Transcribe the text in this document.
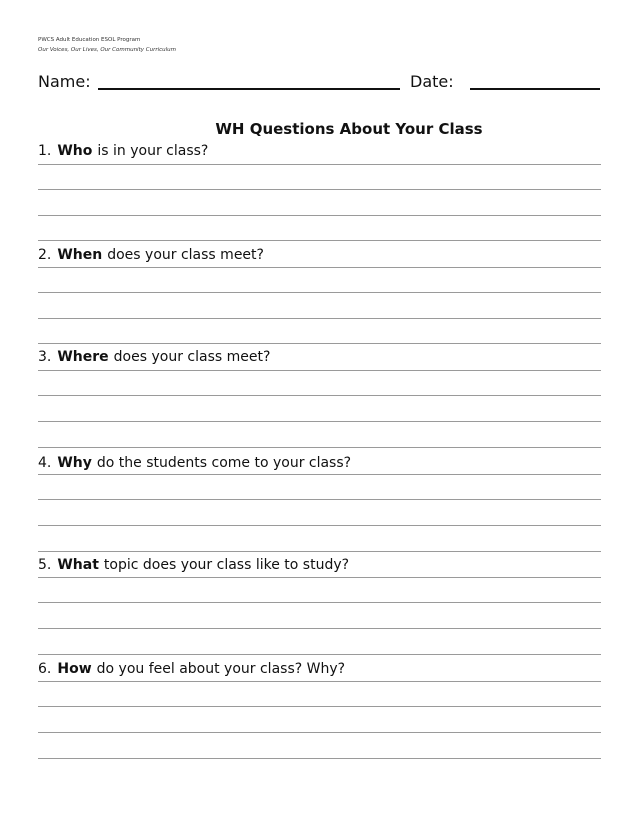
PWCS Adult Education ESOL Program
Our Voices, Our Lives, Our Community Curriculum
Name:	Date:
WH Questions About Your Class
1. Who is in your class?
2. When does your class meet?
3. Where does your class meet?
4. Why do the students come to your class?
5. What topic does your class like to study?
6. How do you feel about your class? Why?
